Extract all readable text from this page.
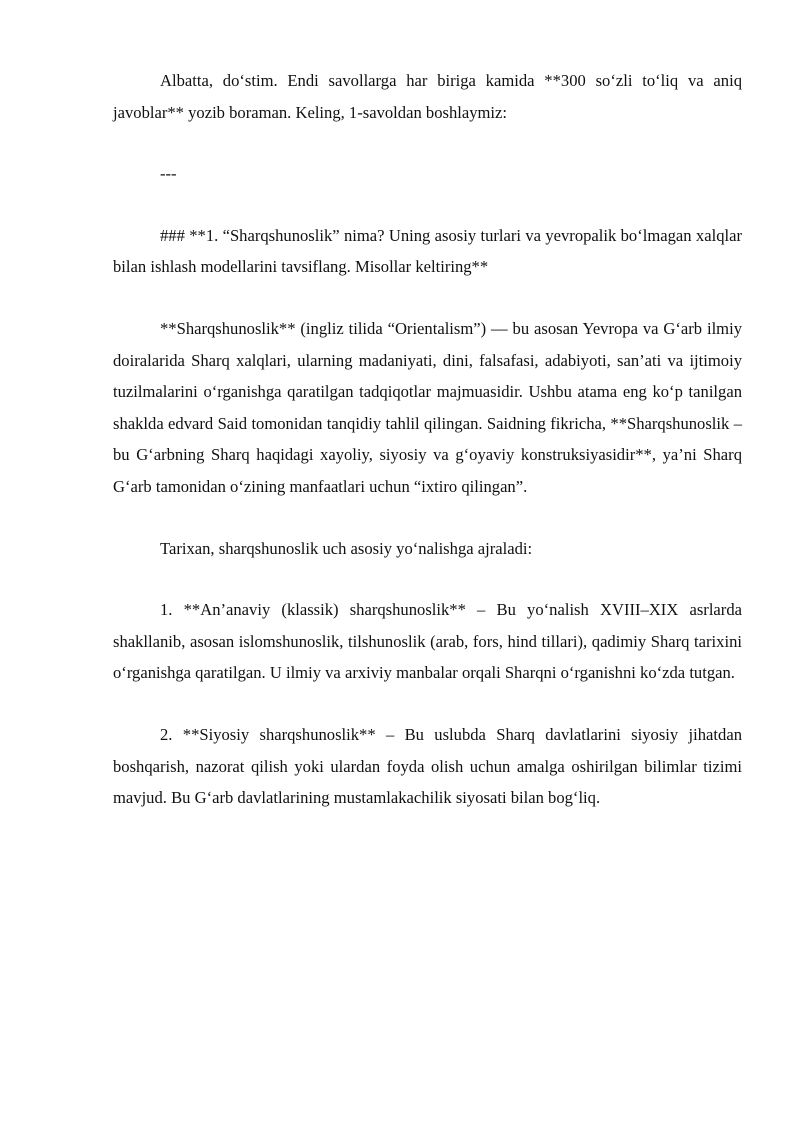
Albatta, do‘stim. Endi savollarga har biriga kamida **300 so‘zli to‘liq va aniq javoblar** yozib boraman. Keling, 1-savoldan boshlaymiz:

---

### **1. “Sharqshunoslik” nima? Uning asosiy turlari va yevropalik bo‘lmagan xalqlar bilan ishlash modellarini tavsiflang. Misollar keltiring**

**Sharqshunoslik** (ingliz tilida “Orientalism”) — bu asosan Yevropa va G‘arb ilmiy doiralarida Sharq xalqlari, ularning madaniyati, dini, falsafasi, adabiyoti, san’ati va ijtimoiy tuzilmalarini o‘rganishga qaratilgan tadqiqotlar majmuasidir. Ushbu atama eng ko‘p tanilgan shaklda edvard Said tomonidan tanqidiy tahlil qilingan. Saidning fikricha, **Sharqshunoslik – bu G‘arbning Sharq haqidagi xayoliy, siyosiy va g‘oyaviy konstruksiyasidir**, ya’ni Sharq G‘arb tamonidan o‘zining manfaatlari uchun “ixtiro qilingan”.

Tarixan, sharqshunoslik uch asosiy yo‘nalishga ajraladi:

1. **An’anaviy (klassik) sharqshunoslik** – Bu yo‘nalish XVIII–XIX asrlarda shakllanib, asosan islomshunoslik, tilshunoslik (arab, fors, hind tillari), qadimiy Sharq tarixini o‘rganishga qaratilgan. U ilmiy va arxiviy manbalar orqali Sharqni o‘rganishni ko‘zda tutgan.

2. **Siyosiy sharqshunoslik** – Bu uslubda Sharq davlatlarini siyosiy jihatdan boshqarish, nazorat qilish yoki ulardan foyda olish uchun amalga oshirilgan bilimlar tizimi mavjud. Bu G‘arb davlatlarining mustamlakachilik siyosati bilan bog‘liq.
